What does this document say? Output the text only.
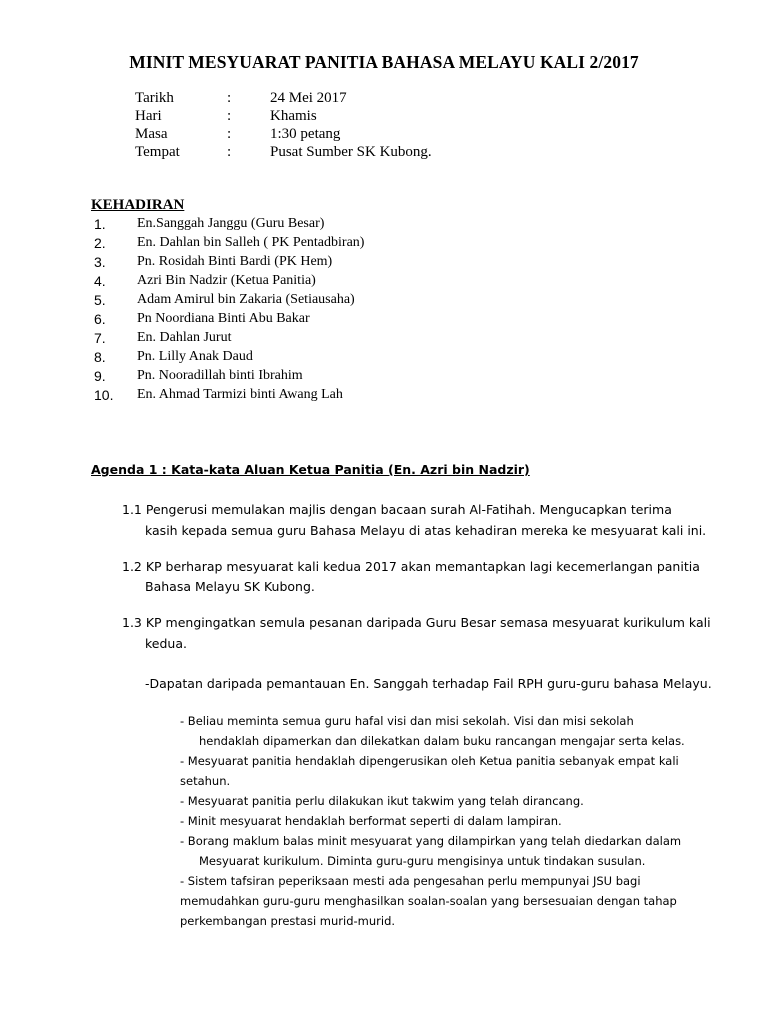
MINIT MESYUARAT PANITIA BAHASA MELAYU KALI 2/2017
Tarikh	:	24 Mei 2017
Hari	:	Khamis
Masa	:	1:30 petang
Tempat	:	Pusat Sumber SK Kubong.
KEHADIRAN
1. En.Sanggah Janggu (Guru Besar)
2. En. Dahlan bin Salleh ( PK Pentadbiran)
3. Pn. Rosidah Binti Bardi (PK Hem)
4. Azri Bin Nadzir (Ketua Panitia)
5. Adam Amirul bin Zakaria (Setiausaha)
6. Pn Noordiana Binti Abu Bakar
7. En. Dahlan Jurut
8. Pn. Lilly Anak Daud
9. Pn. Nooradillah binti Ibrahim
10. En. Ahmad Tarmizi binti Awang Lah
Agenda 1 : Kata-kata Aluan Ketua Panitia (En. Azri bin Nadzir)
1.1 Pengerusi memulakan majlis dengan bacaan surah Al-Fatihah. Mengucapkan terima
kasih kepada semua guru Bahasa Melayu di atas kehadiran mereka ke mesyuarat kali ini.
1.2 KP berharap mesyuarat kali kedua 2017 akan memantapkan lagi kecemerlangan panitia
Bahasa Melayu SK Kubong.
1.3 KP mengingatkan semula pesanan daripada Guru Besar semasa mesyuarat kurikulum kali
kedua.
-Dapatan daripada pemantauan En. Sanggah terhadap Fail RPH guru-guru bahasa Melayu.
- Beliau meminta semua guru hafal visi dan misi sekolah. Visi dan misi sekolah
hendaklah dipamerkan dan dilekatkan dalam buku rancangan mengajar serta kelas.
- Mesyuarat panitia hendaklah dipengerusikan oleh Ketua panitia sebanyak empat kali
setahun.
- Mesyuarat panitia perlu dilakukan ikut takwim yang telah dirancang.
- Minit mesyuarat hendaklah berformat seperti di dalam lampiran.
- Borang maklum balas minit mesyuarat yang dilampirkan yang telah diedarkan dalam
Mesyuarat kurikulum. Diminta guru-guru mengisinya untuk tindakan susulan.
- Sistem tafsiran peperiksaan mesti ada pengesahan perlu mempunyai JSU bagi
memudahkan guru-guru menghasilkan soalan-soalan yang bersesuaian dengan tahap
perkembangan prestasi murid-murid.
